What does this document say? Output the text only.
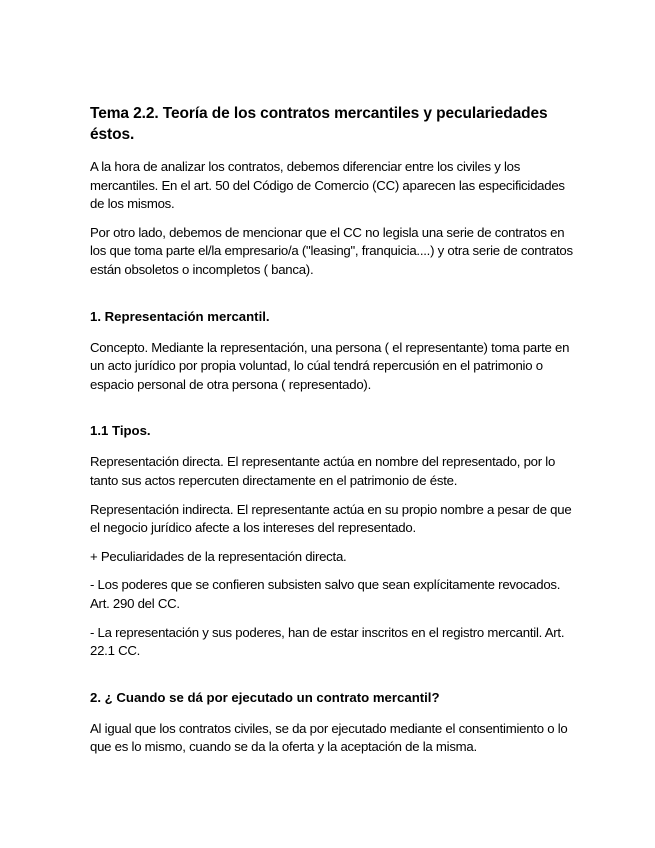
Tema 2.2. Teoría de los contratos mercantiles y peculariedades éstos.

A la hora de analizar los contratos, debemos diferenciar entre los civiles y los mercantiles. En el art. 50 del Código de Comercio (CC) aparecen las especificidades de los mismos.

Por otro lado, debemos de mencionar que el CC no legisla una serie de contratos en los que toma parte el/la empresario/a ("leasing", franquicia....) y otra serie de contratos están obsoletos o incompletos ( banca).

1. Representación mercantil.

Concepto. Mediante la representación, una persona ( el representante) toma parte en un acto jurídico por propia voluntad, lo cúal tendrá repercusión en el patrimonio o espacio personal de otra persona ( representado).

1.1 Tipos.

Representación directa. El representante actúa en nombre del representado, por lo tanto sus actos repercuten directamente en el patrimonio de éste.

Representación indirecta. El representante actúa en su propio nombre a pesar de que el negocio jurídico afecte a los intereses del representado.

+ Peculiaridades de la representación directa.

- Los poderes que se confieren subsisten salvo que sean explícitamente revocados. Art. 290 del CC.

- La representación y sus poderes, han de estar inscritos en el registro mercantil. Art. 22.1 CC.

2. ¿ Cuando se dá por ejecutado un contrato mercantil?

Al igual que los contratos civiles, se da por ejecutado mediante el consentimiento o lo que es lo mismo, cuando se da la oferta y la aceptación de la misma.
